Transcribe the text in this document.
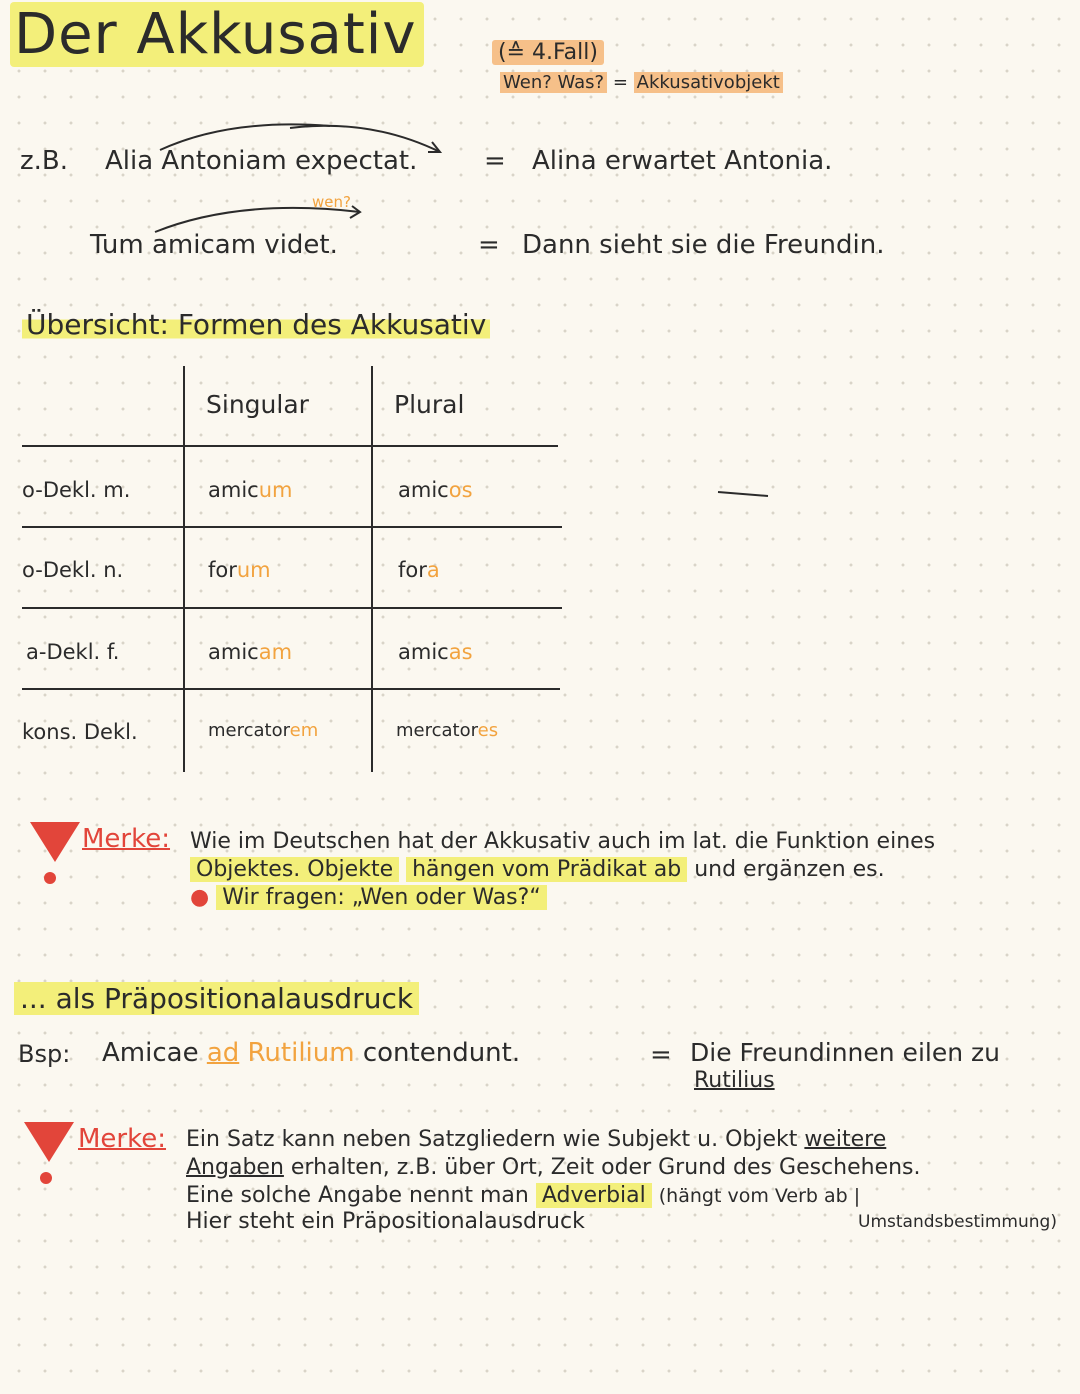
Der Akkusativ	(≙ 4.Fall)
Wen? Was? = Akkusativobjekt
z.B. Alia Antoniam expectat.	= Alina erwartet Antonia.
wen?
Tum amicam videt.	= Dann sieht sie die Freundin.
Übersicht: Formen des Akkusativ
Singular	Plural
o-Dekl. m.	amicum	amicos
o-Dekl. n.	forum	fora
a-Dekl. f.	amicam	amicas
kons. Dekl.	mercatorem	mercatores
Merke: Wie im Deutschen hat der Akkusativ auch im lat. die Funktion eines
Objektes. Objekte hängen vom Prädikat ab und ergänzen es.
● Wir fragen: „Wen oder Was?“
... als Präpositionalausdruck
Bsp: Amicae ad Rutilium contendunt.	= Die Freundinnen eilen zu
Rutilius
Merke: Ein Satz kann neben Satzgliedern wie Subjekt u. Objekt weitere
Angaben erhalten, z.B. über Ort, Zeit oder Grund des Geschehens.
Eine solche Angabe nennt man Adverbial (hängt vom Verb ab |
Hier steht ein Präpositionalausdruck	Umstandsbestimmung)
